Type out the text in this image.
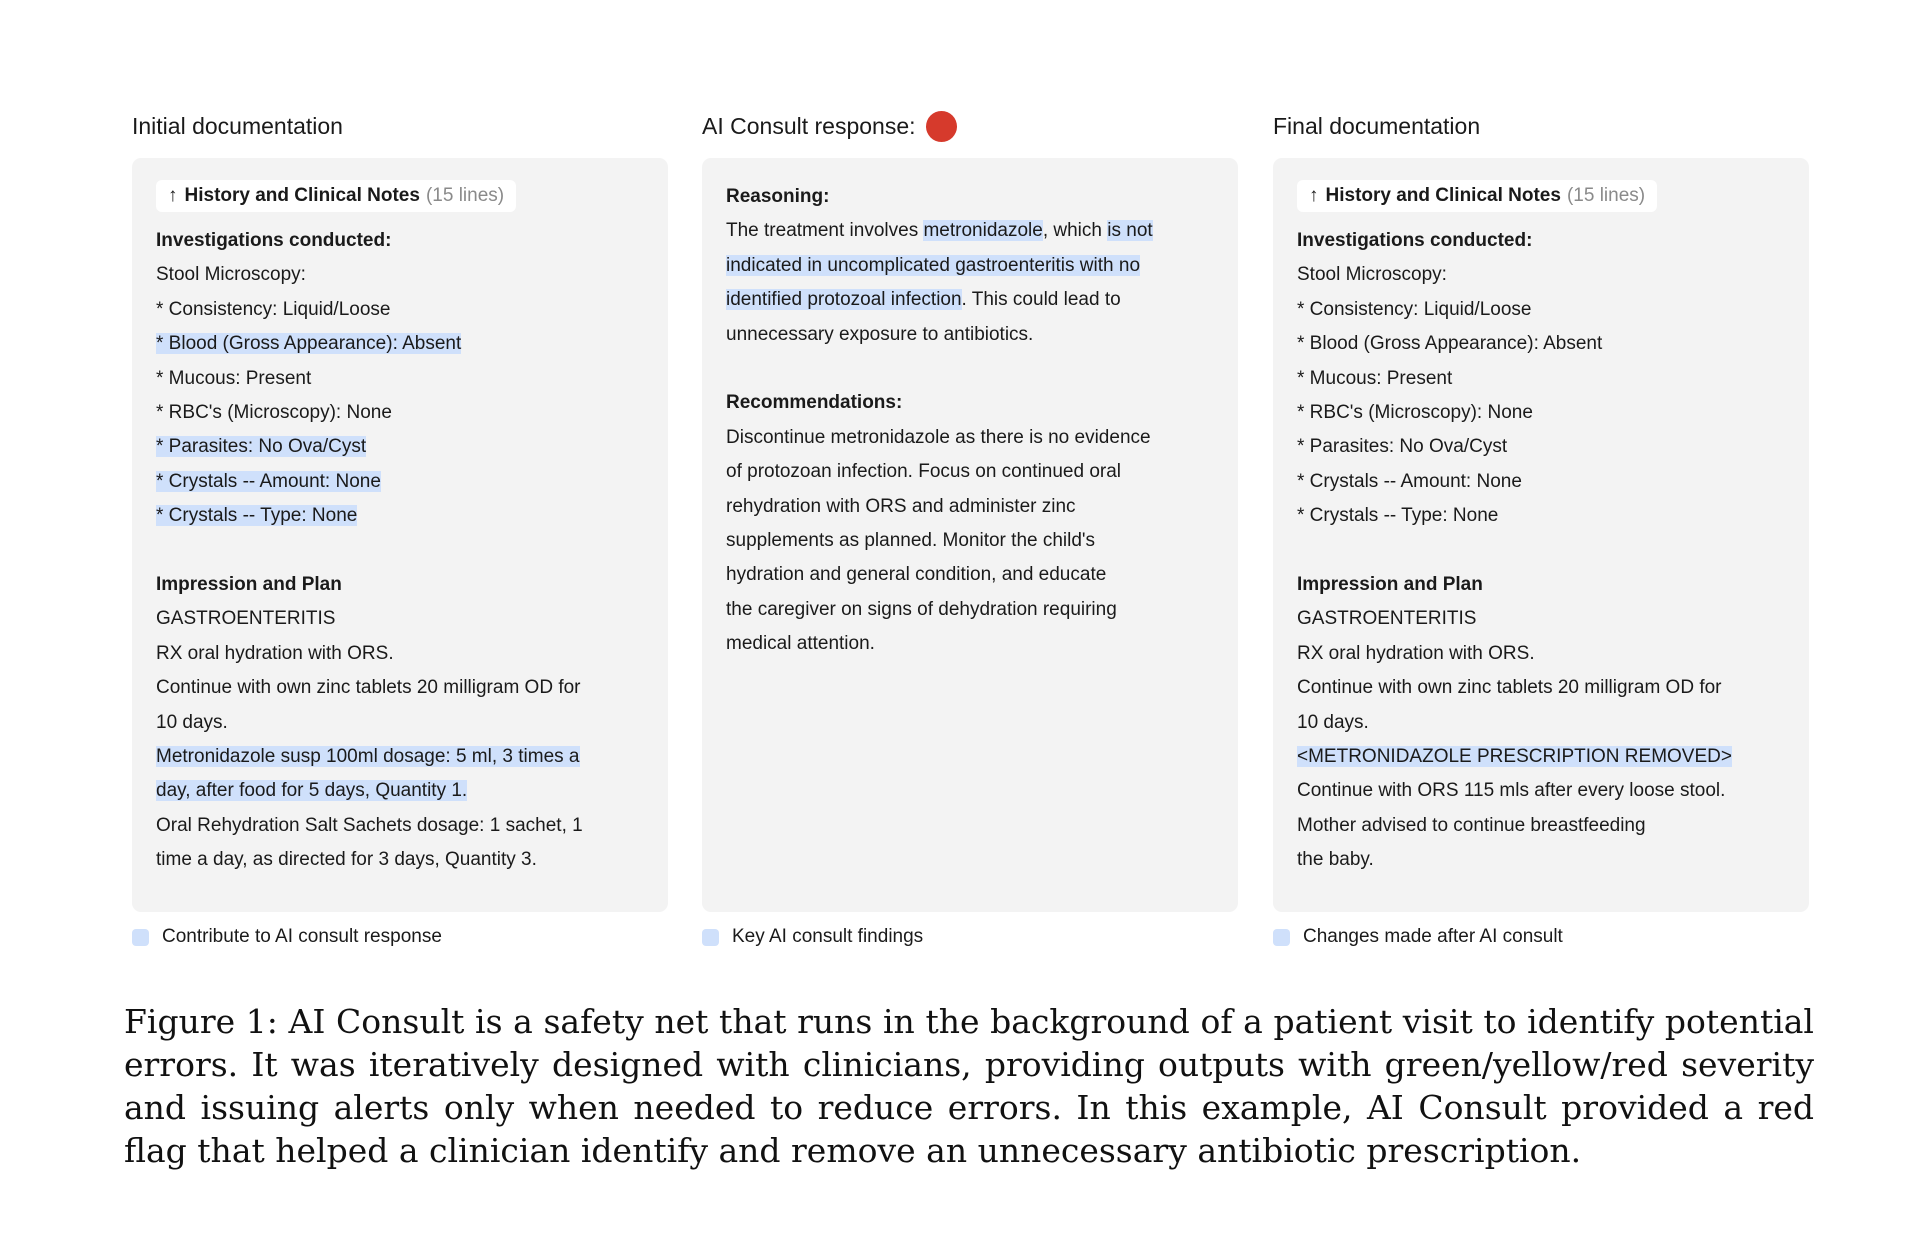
Initial documentation
↑ History and Clinical Notes (15 lines)
Investigations conducted:
Stool Microscopy:
* Consistency: Liquid/Loose
* Blood (Gross Appearance): Absent
* Mucous: Present
* RBC's (Microscopy): None
* Parasites: No Ova/Cyst
* Crystals -- Amount: None
* Crystals -- Type: None
Impression and Plan
GASTROENTERITIS
RX oral hydration with ORS.
Continue with own zinc tablets 20 milligram OD for
10 days.
Metronidazole susp 100ml dosage: 5 ml, 3 times a
day, after food for 5 days, Quantity 1.
Oral Rehydration Salt Sachets dosage: 1 sachet, 1
time a day, as directed for 3 days, Quantity 3.
Contribute to AI consult response
AI Consult response:
Reasoning:
The treatment involves metronidazole, which is not
indicated in uncomplicated gastroenteritis with no
identified protozoal infection. This could lead to
unnecessary exposure to antibiotics.
Recommendations:
Discontinue metronidazole as there is no evidence
of protozoan infection. Focus on continued oral
rehydration with ORS and administer zinc
supplements as planned. Monitor the child's
hydration and general condition, and educate
the caregiver on signs of dehydration requiring
medical attention.
Key AI consult findings
Final documentation
↑ History and Clinical Notes (15 lines)
Investigations conducted:
Stool Microscopy:
* Consistency: Liquid/Loose
* Blood (Gross Appearance): Absent
* Mucous: Present
* RBC's (Microscopy): None
* Parasites: No Ova/Cyst
* Crystals -- Amount: None
* Crystals -- Type: None
Impression and Plan
GASTROENTERITIS
RX oral hydration with ORS.
Continue with own zinc tablets 20 milligram OD for
10 days.
<METRONIDAZOLE PRESCRIPTION REMOVED>
Continue with ORS 115 mls after every loose stool.
Mother advised to continue breastfeeding
the baby.
Changes made after AI consult
Figure 1: AI Consult is a safety net that runs in the background of a patient visit to identify potential errors. It was iteratively designed with clinicians, providing outputs with green/yellow/red severity and issuing alerts only when needed to reduce errors. In this example, AI Consult provided a red flag that helped a clinician identify and remove an unnecessary antibiotic prescription.
